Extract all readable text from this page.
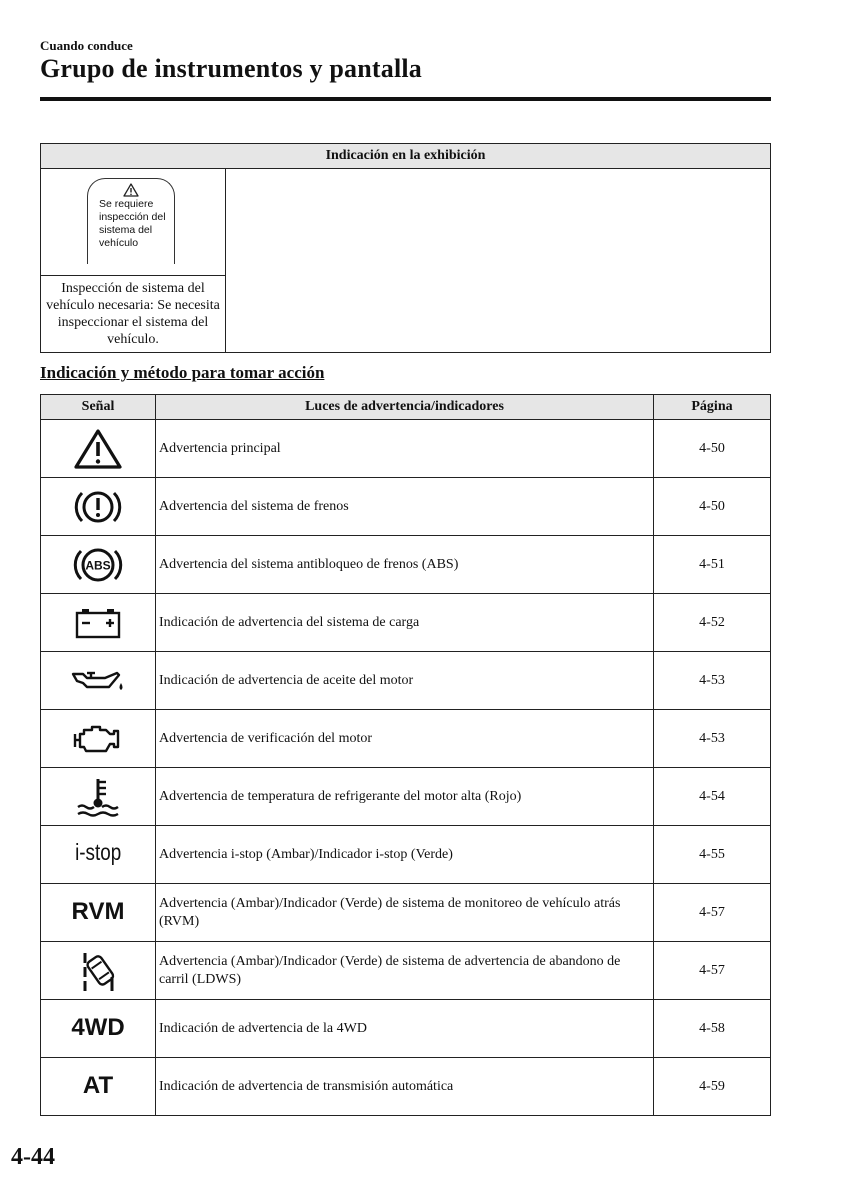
Cuando conduce
Grupo de instrumentos y pantalla
Indicación en la exhibición

Se requiere inspección del sistema del vehículo

Inspección de sistema del vehículo necesaria: Se necesita inspeccionar el sistema del vehículo.
Indicación y método para tomar acción
Señal	Luces de advertencia/indicadores	Página

	Advertencia principal	4-50

	Advertencia del sistema de frenos	4-50

ABS	Advertencia del sistema antibloqueo de frenos (ABS)	4-51

	Indicación de advertencia del sistema de carga	4-52

	Indicación de advertencia de aceite del motor	4-53

	Advertencia de verificación del motor	4-53

	Advertencia de temperatura de refrigerante del motor alta (Rojo)	4-54
i-stop	Advertencia i-stop (Ambar)/Indicador i-stop (Verde)	4-55
RVM	Advertencia (Ambar)/Indicador (Verde) de sistema de monitoreo de vehículo atrás (RVM)	4-57

	Advertencia (Ambar)/Indicador (Verde) de sistema de advertencia de abandono de carril (LDWS)	4-57
4WD	Indicación de advertencia de la 4WD	4-58
AT	Indicación de advertencia de transmisión automática	4-59
4-44
